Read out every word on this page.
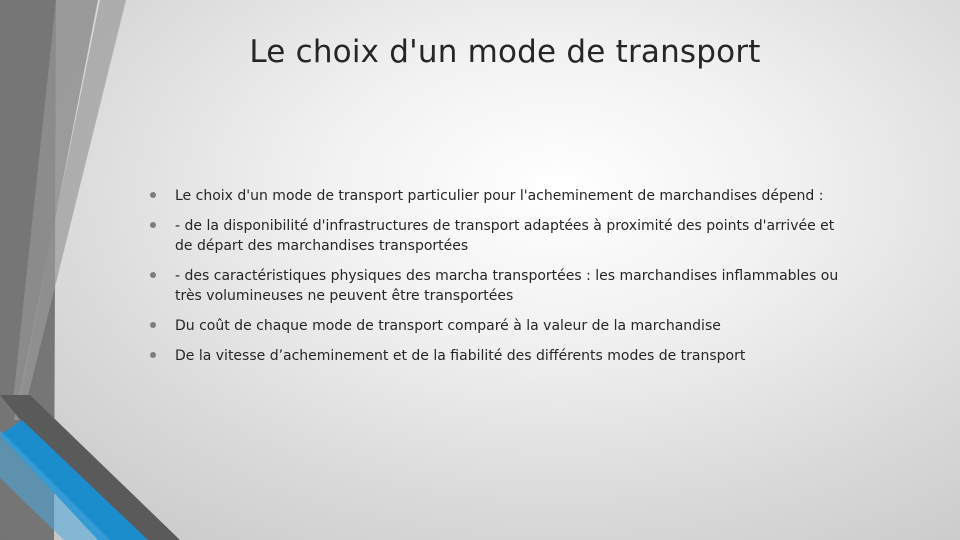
Le choix d'un mode de transport
Le choix d'un mode de transport particulier pour l'acheminement de marchandises dépend :
- de la disponibilité d'infrastructures de transport adaptées à proximité des points d'arrivée et de départ des marchandises transportées
- des caractéristiques physiques des marcha transportées : les marchandises inflammables ou très volumineuses ne peuvent être transportées
Du coût de chaque mode de transport comparé à la valeur de la marchandise
De la vitesse d’acheminement et de la fiabilité des différents modes de transport
